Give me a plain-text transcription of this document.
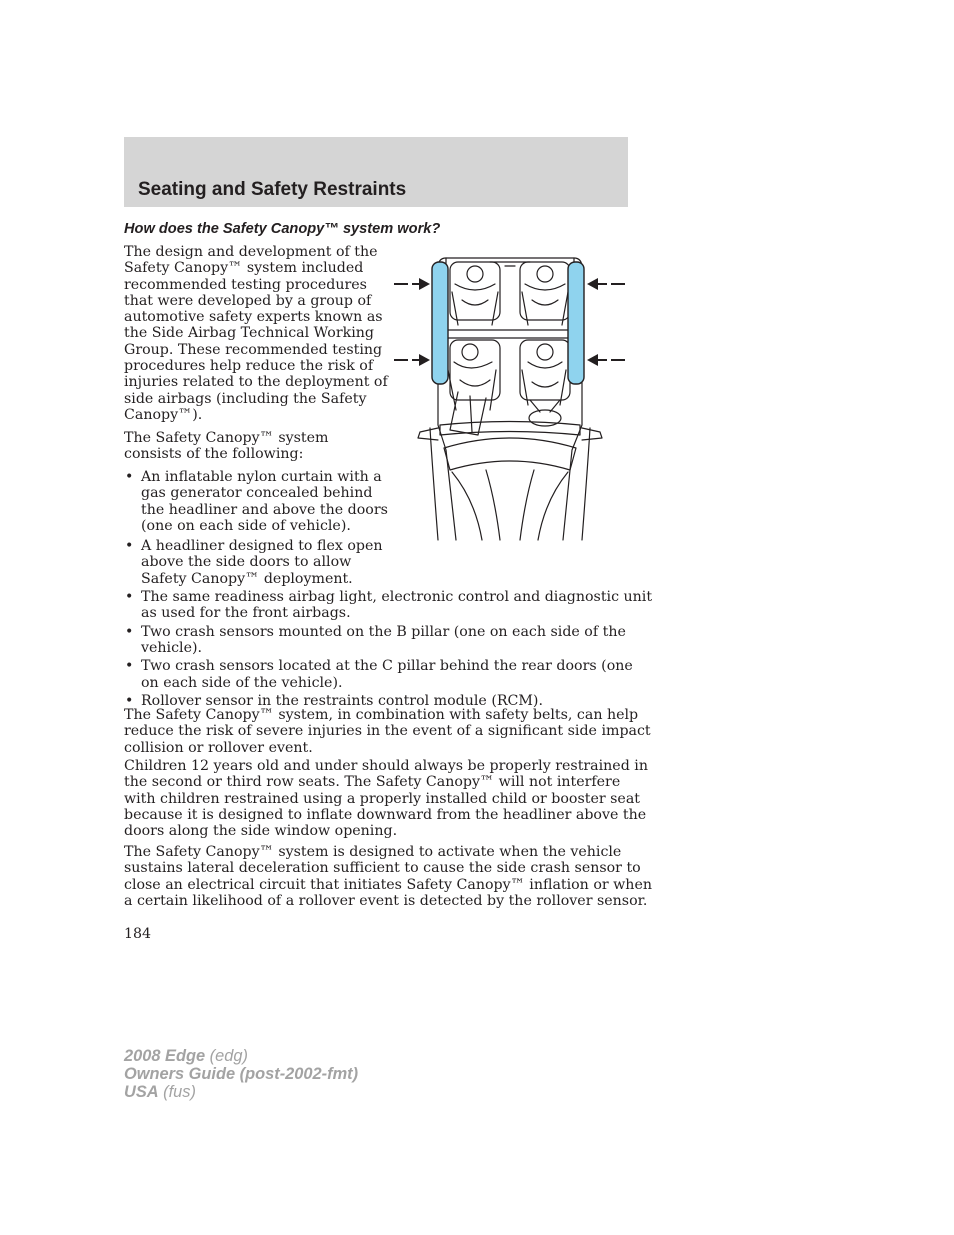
Seating and Safety Restraints
How does the Safety Canopy™ system work?
The design and development of the
Safety Canopy™ system included
recommended testing procedures
that were developed by a group of
automotive safety experts known as
the Side Airbag Technical Working
Group. These recommended testing
procedures help reduce the risk of
injuries related to the deployment of
side airbags (including the Safety
Canopy™).
The Safety Canopy™ system
consists of the following:
• An inflatable nylon curtain with a
gas generator concealed behind
the headliner and above the doors
(one on each side of vehicle).
• A headliner designed to flex open
above the side doors to allow
Safety Canopy™ deployment.
• The same readiness airbag light, electronic control and diagnostic unit
as used for the front airbags.
• Two crash sensors mounted on the B pillar (one on each side of the
vehicle).
• Two crash sensors located at the C pillar behind the rear doors (one
on each side of the vehicle).
• Rollover sensor in the restraints control module (RCM).
The Safety Canopy™ system, in combination with safety belts, can help
reduce the risk of severe injuries in the event of a significant side impact
collision or rollover event.
Children 12 years old and under should always be properly restrained in
the second or third row seats. The Safety Canopy™ will not interfere
with children restrained using a properly installed child or booster seat
because it is designed to inflate downward from the headliner above the
doors along the side window opening.
The Safety Canopy™ system is designed to activate when the vehicle
sustains lateral deceleration sufficient to cause the side crash sensor to
close an electrical circuit that initiates Safety Canopy™ inflation or when
a certain likelihood of a rollover event is detected by the rollover sensor.
184
2008 Edge (edg)
Owners Guide (post-2002-fmt)
USA (fus)
